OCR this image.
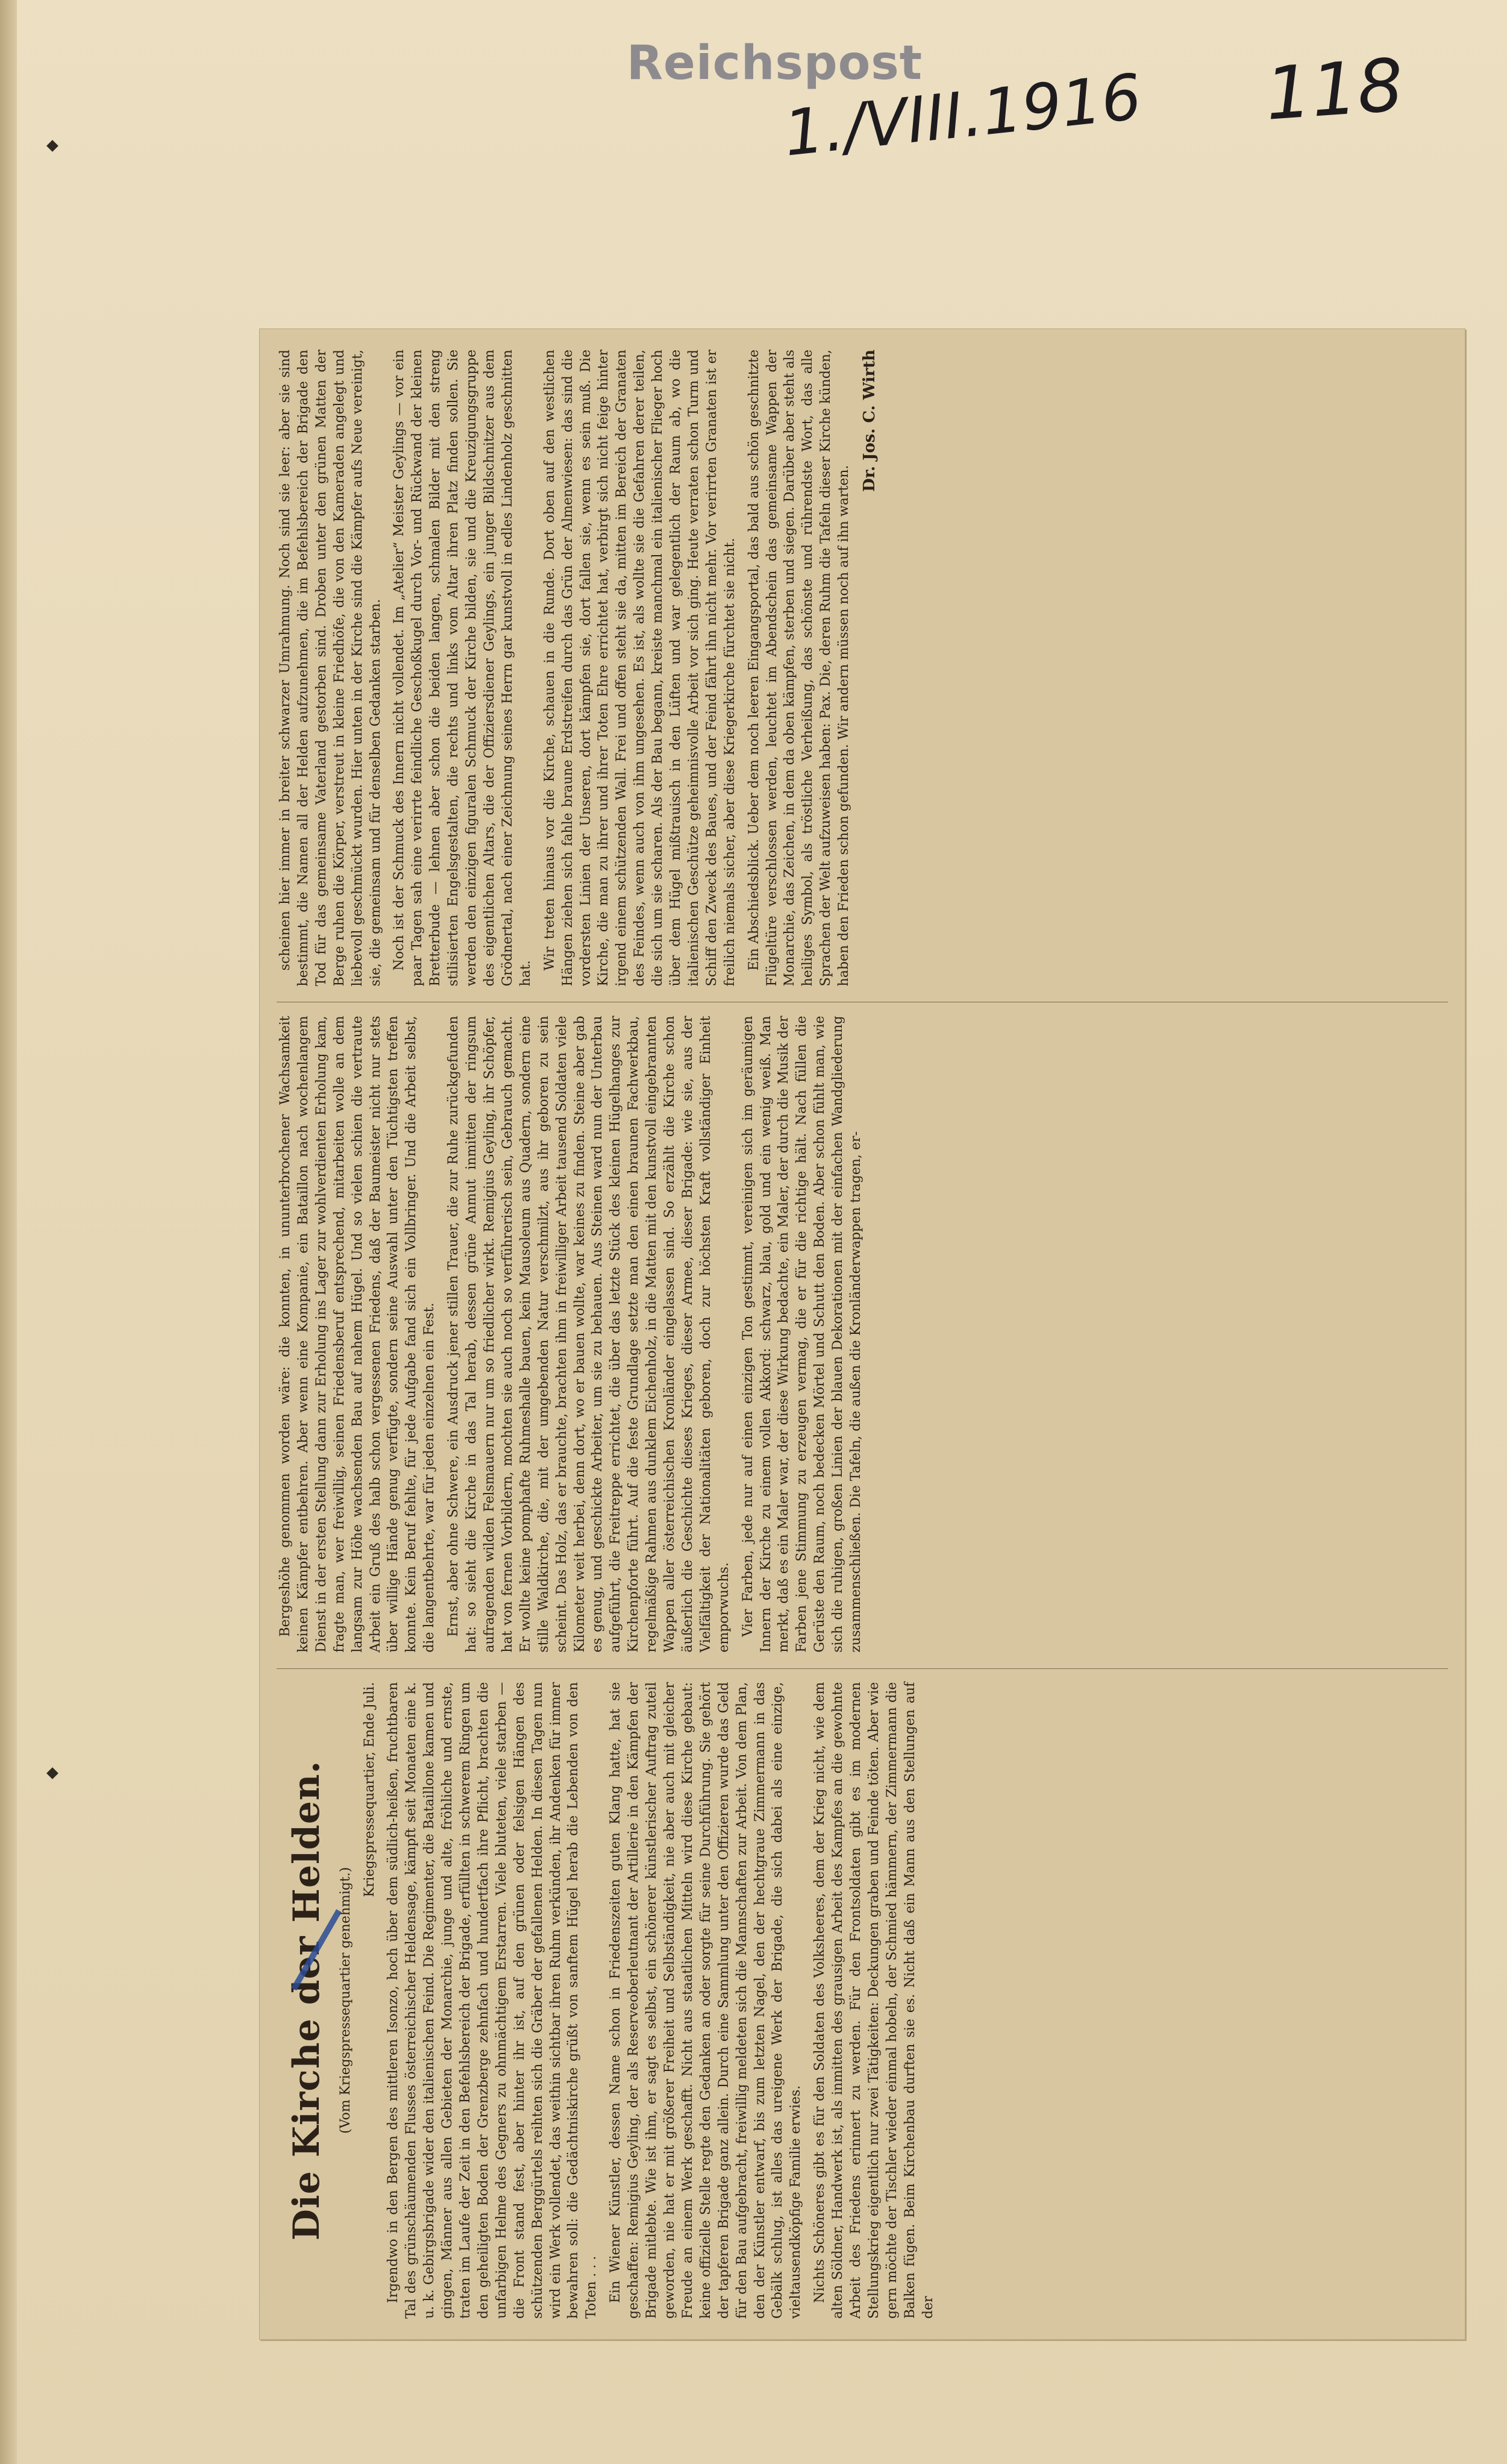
Reichspost
1./VIII.1916 118
Die Kirche der Helden. (Vom Kriegspressequartier genehmigt.)
Kriegspressequartier, Ende Juli. Irgendwo in den Bergen des mittleren Isonzo, hoch über dem südlich-heißen, fruchtbaren Tal des grünschäumenden Flusses österreichischer Heldensage, kämpft seit Monaten eine k. u. k. Gebirgsbrigade wider den italienischen Feind. Die Regimenter, die Bataillone kamen und gingen, Männer aus allen Gebieten der Monarchie, junge und alte, fröhliche und ernste, traten im Laufe der Zeit in den Befehlsbereich der Brigade, erfüllten in schwerem Ringen um den geheiligten Boden der Grenzberge zehnfach und hundertfach ihre Pflicht, brachten die unfarbigen Helme des Gegners zu ohnmächtigem Erstarren. Viele bluteten, viele starben — die Front stand fest, aber hinter ihr ist, auf den grünen oder felsigen Hängen des schützenden Berggürtels reihten sich die Gräber der gefallenen Helden. In diesen Tagen nun wird ein Werk vollendet, das weithin sichtbar ihren Ruhm verkünden, ihr Andenken für immer bewahren soll: die Gedächtniskirche grüßt von sanftem Hügel herab die Lebenden von den Toten . . . Ein Wiener Künstler, dessen Name schon in Friedenszeiten guten Klang hatte, hat sie geschaffen: Remigius Geyling, der als Reserveoberleutnant der Artillerie in den Kämpfen der Brigade mitlebte. Wie ist ihm, er sagt es selbst, ein schönerer künstlerischer Auftrag zuteil geworden, nie hat er mit größerer Freiheit und Selbständigkeit, nie aber auch mit gleicher Freude an einem Werk geschafft. Nicht aus staatlichen Mitteln wird diese Kirche gebaut: keine offizielle Stelle regte den Gedanken an oder sorgte für seine Durchführung. Sie gehört der tapferen Brigade ganz allein. Durch eine Sammlung unter den Offizieren wurde das Geld für den Bau aufgebracht, freiwillig meldeten sich die Mannschaften zur Arbeit. Von dem Plan, den der Künstler entwarf, bis zum letzten Nagel, den der hechtgraue Zimmermann in das Gebälk schlug, ist alles das ureigene Werk der Brigade, die sich dabei als eine einzige, vieltausendköpfige Familie erwies. Nichts Schöneres gibt es für den Soldaten des Volksheeres, dem der Krieg nicht, wie dem alten Söldner, Handwerk ist, als inmitten des grausigen Arbeit des Kampfes an die gewohnte Arbeit des Friedens erinnert zu werden. Für den Frontsoldaten gibt es im modernen Stellungskrieg eigentlich nur zwei Tätigkeiten: Deckungen graben und Feinde töten. Aber wie gern möchte der Tischler wieder einmal hobeln, der Schmied hämmern, der Zimmermann die Balken fügen. Beim Kirchenbau durften sie es. Nicht daß ein Mann aus den Stellungen auf der

Bergeshöhe genommen worden wäre: die konnten, in ununterbrochener Wachsamkeit keinen Kämpfer entbehren. Aber wenn eine Kompanie, ein Bataillon nach wochenlangem Dienst in der ersten Stellung dann zur Erholung ins Lager zur wohlverdienten Erholung kam, fragte man, wer freiwillig, seinen Friedensberuf entsprechend, mitarbeiten wolle an dem langsam zur Höhe wachsenden Bau auf nahem Hügel. Und so vielen schien die vertraute Arbeit ein Gruß des halb schon vergessenen Friedens, daß der Baumeister nicht nur stets über willige Hände genug verfügte, sondern seine Auswahl unter den Tüchtigsten treffen konnte. Kein Beruf fehlte, für jede Aufgabe fand sich ein Vollbringer. Und die Arbeit selbst, die langentbehrte, war für jeden einzelnen ein Fest. Ernst, aber ohne Schwere, ein Ausdruck jener stillen Trauer, die zur Ruhe zurückgefunden hat: so sieht die Kirche in das Tal herab, dessen grüne Anmut inmitten der ringsum aufragenden wilden Felsmauern nur um so friedlicher wirkt. Remigius Geyling, ihr Schöpfer, hat von fernen Vorbildern, mochten sie auch noch so verführerisch sein, Gebrauch gemacht. Er wollte keine pomphafte Ruhmeshalle bauen, kein Mausoleum aus Quadern, sondern eine stille Waldkirche, die, mit der umgebenden Natur verschmilzt, aus ihr geboren zu sein scheint. Das Holz, das er brauchte, brachten ihm in freiwilliger Arbeit tausend Soldaten viele Kilometer weit herbei, denn dort, wo er bauen wollte, war keines zu finden. Steine aber gab es genug, und geschickte Arbeiter, um sie zu behauen. Aus Steinen ward nun der Unterbau aufgeführt, die Freitreppe errichtet, die über das letzte Stück des kleinen Hügelhanges zur Kirchenpforte führt. Auf die feste Grundlage setzte man den einen braunen Fachwerkbau, regelmäßige Rahmen aus dunklem Eichenholz, in die Matten mit den kunstvoll eingebrannten Wappen aller österreichischen Kronländer eingelassen sind. So erzählt die Kirche schon äußerlich die Geschichte dieses Krieges, dieser Armee, dieser Brigade: wie sie, aus der Vielfältigkeit der Nationalitäten geboren, doch zur höchsten Kraft vollständiger Einheit emporwuchs. Vier Farben, jede nur auf einen einzigen Ton gestimmt, vereinigen sich im geräumigen Innern der Kirche zu einem vollen Akkord: schwarz, blau, gold und ein wenig weiß. Man merkt, daß es ein Maler war, der diese Wirkung bedachte, ein Maler, der durch die Musik der Farben jene Stimmung zu erzeugen vermag, die er für die richtige hält. Nach füllen die Gerüste den Raum, noch bedecken Mörtel und Schutt den Boden. Aber schon fühlt man, wie sich die ruhigen, großen Linien der blauen Dekorationen mit der einfachen Wandgliederung zusammenschließen. Die Tafeln, die außen die Kronländerwappen tragen, er-

scheinen hier immer in breiter schwarzer Umrahmung. Noch sind sie leer: aber sie sind bestimmt, die Namen all der Helden aufzunehmen, die im Befehlsbereich der Brigade den Tod für das gemeinsame Vaterland gestorben sind. Droben unter den grünen Matten der Berge ruhen die Körper, verstreut in kleine Friedhöfe, die von den Kameraden angelegt und liebevoll geschmückt wurden. Hier unten in der Kirche sind die Kämpfer aufs Neue vereinigt, sie, die gemeinsam und für denselben Gedanken starben. Noch ist der Schmuck des Innern nicht vollendet. Im „Atelier“ Meister Geylings — vor ein paar Tagen sah eine verirrte feindliche Geschoßkugel durch Vor- und Rückwand der kleinen Bretterbude — lehnen aber schon die beiden langen, schmalen Bilder mit den streng stilisierten Engelsgestalten, die rechts und links vom Altar ihren Platz finden sollen. Sie werden den einzigen figuralen Schmuck der Kirche bilden, sie und die Kreuzigungsgruppe des eigentlichen Altars, die der Offiziersdiener Geylings, ein junger Bildschnitzer aus dem Grödnertal, nach einer Zeichnung seines Herrn gar kunstvoll in edles Lindenholz geschnitten hat.

Wir treten hinaus vor die Kirche, schauen in die Runde. Dort oben auf den westlichen Hängen ziehen sich fahle braune Erdstreifen durch das Grün der Almenwiesen: das sind die vordersten Linien der Unseren, dort kämpfen sie, dort fallen sie, wenn es sein muß. Die Kirche, die man zu ihrer und ihrer Toten Ehre errichtet hat, verbirgt sich nicht feige hinter irgend einem schützenden Wall. Frei und offen steht sie da, mitten im Bereich der Granaten des Feindes, wenn auch von ihm ungesehen. Es ist, als wollte sie die Gefahren derer teilen, die sich um sie scharen. Als der Bau begann, kreiste manchmal ein italienischer Flieger hoch über dem Hügel mißtrauisch in den Lüften und war gelegentlich der Raum ab, wo die italienischen Geschütze geheimnisvolle Arbeit vor sich ging. Heute verraten schon Turm und Schiff den Zweck des Baues, und der Feind fährt ihn nicht mehr. Vor verirrten Granaten ist er freilich niemals sicher, aber diese Kriegerkirche fürchtet sie nicht. Ein Abschiedsblick. Ueber dem noch leeren Eingangsportal, das bald aus schön geschnitzte Flügeltüre verschlossen werden, leuchtet im Abendschein das gemeinsame Wappen der Monarchie, das Zeichen, in dem da oben kämpfen, sterben und siegen. Darüber aber steht als heiliges Symbol, als tröstliche Verheißung, das schönste und rührendste Wort, das alle Sprachen der Welt aufzuweisen haben: Pax. Die, deren Ruhm die Tafeln dieser Kirche künden, haben den Frieden schon gefunden. Wir andern müssen noch auf ihn warten.

Dr. Jos. C. Wirth
